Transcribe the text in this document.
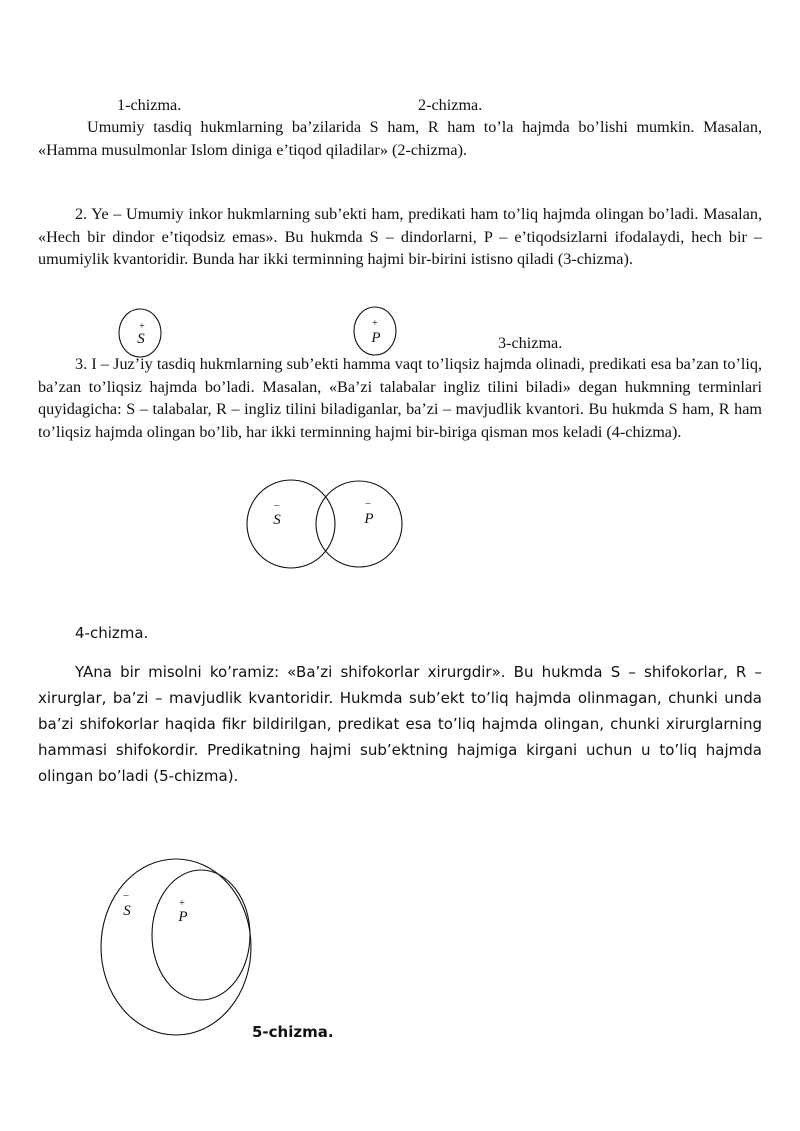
1-chizma.	2-chizma.

Umumiy tasdiq hukmlarning ba’zilarida S ham, R ham to’la hajmda bo’lishi mumkin. Masalan, «Hamma musulmonlar Islom diniga e’tiqod qiladilar» (2-chizma).

2. Ye – Umumiy inkor hukmlarning sub’ekti ham, predikati ham to’liq hajmda olingan bo’ladi. Masalan, «Hech bir dindor e’tiqodsiz emas». Bu hukmda S – dindorlarni, P – e’tiqodsizlarni ifodalaydi, hech bir – umumiylik kvantoridir. Bunda har ikki terminning hajmi bir-birini istisno qiladi (3-chizma).

+
S
+
P	3-chizma.

3. I – Juz’iy tasdiq hukmlarning sub’ekti hamma vaqt to’liqsiz hajmda olinadi, predikati esa ba’zan to’liq, ba’zan to’liqsiz hajmda bo’ladi. Masalan, «Ba’zi talabalar ingliz tilini biladi» degan hukmning terminlari quyidagicha: S – talabalar, R – ingliz tilini biladiganlar, ba’zi – mavjudlik kvantori. Bu hukmda S ham, R ham to’liqsiz hajmda olingan bo’lib, har ikki terminning hajmi bir-biriga qisman mos keladi (4-chizma).

–
S
–
P
4-chizma.

YAna bir misolni ko’ramiz: «Ba’zi shifokorlar xirurgdir». Bu hukmda S – shifokorlar, R – xirurglar, ba’zi – mavjudlik kvantoridir. Hukmda sub’ekt to’liq hajmda olinmagan, chunki unda ba’zi shifokorlar haqida fikr bildirilgan, predikat esa to’liq hajmda olingan, chunki xirurglarning hammasi shifokordir. Predikatning hajmi sub’ektning hajmiga kirgani uchun u to’liq hajmda olingan bo’ladi (5-chizma).

–
S	+
P
5-chizma.
